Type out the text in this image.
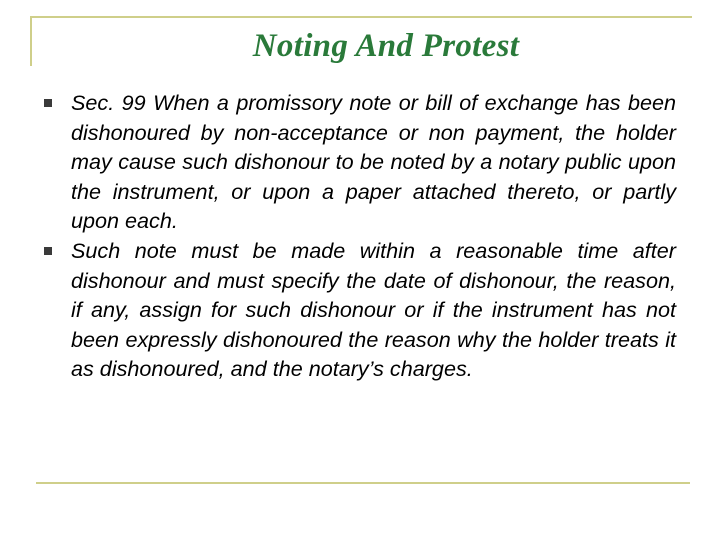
Noting And Protest
Sec. 99 When a promissory note or bill of exchange has been dishonoured by non-acceptance or non payment, the holder may cause such dishonour to be noted by a notary public upon the instrument, or upon a paper attached thereto, or partly upon each.
Such note must be made within a reasonable time after dishonour and must specify the date of dishonour, the reason, if any, assign for such dishonour or if the instrument has not been expressly dishonoured the reason why the holder treats it as dishonoured, and the notary’s charges.
